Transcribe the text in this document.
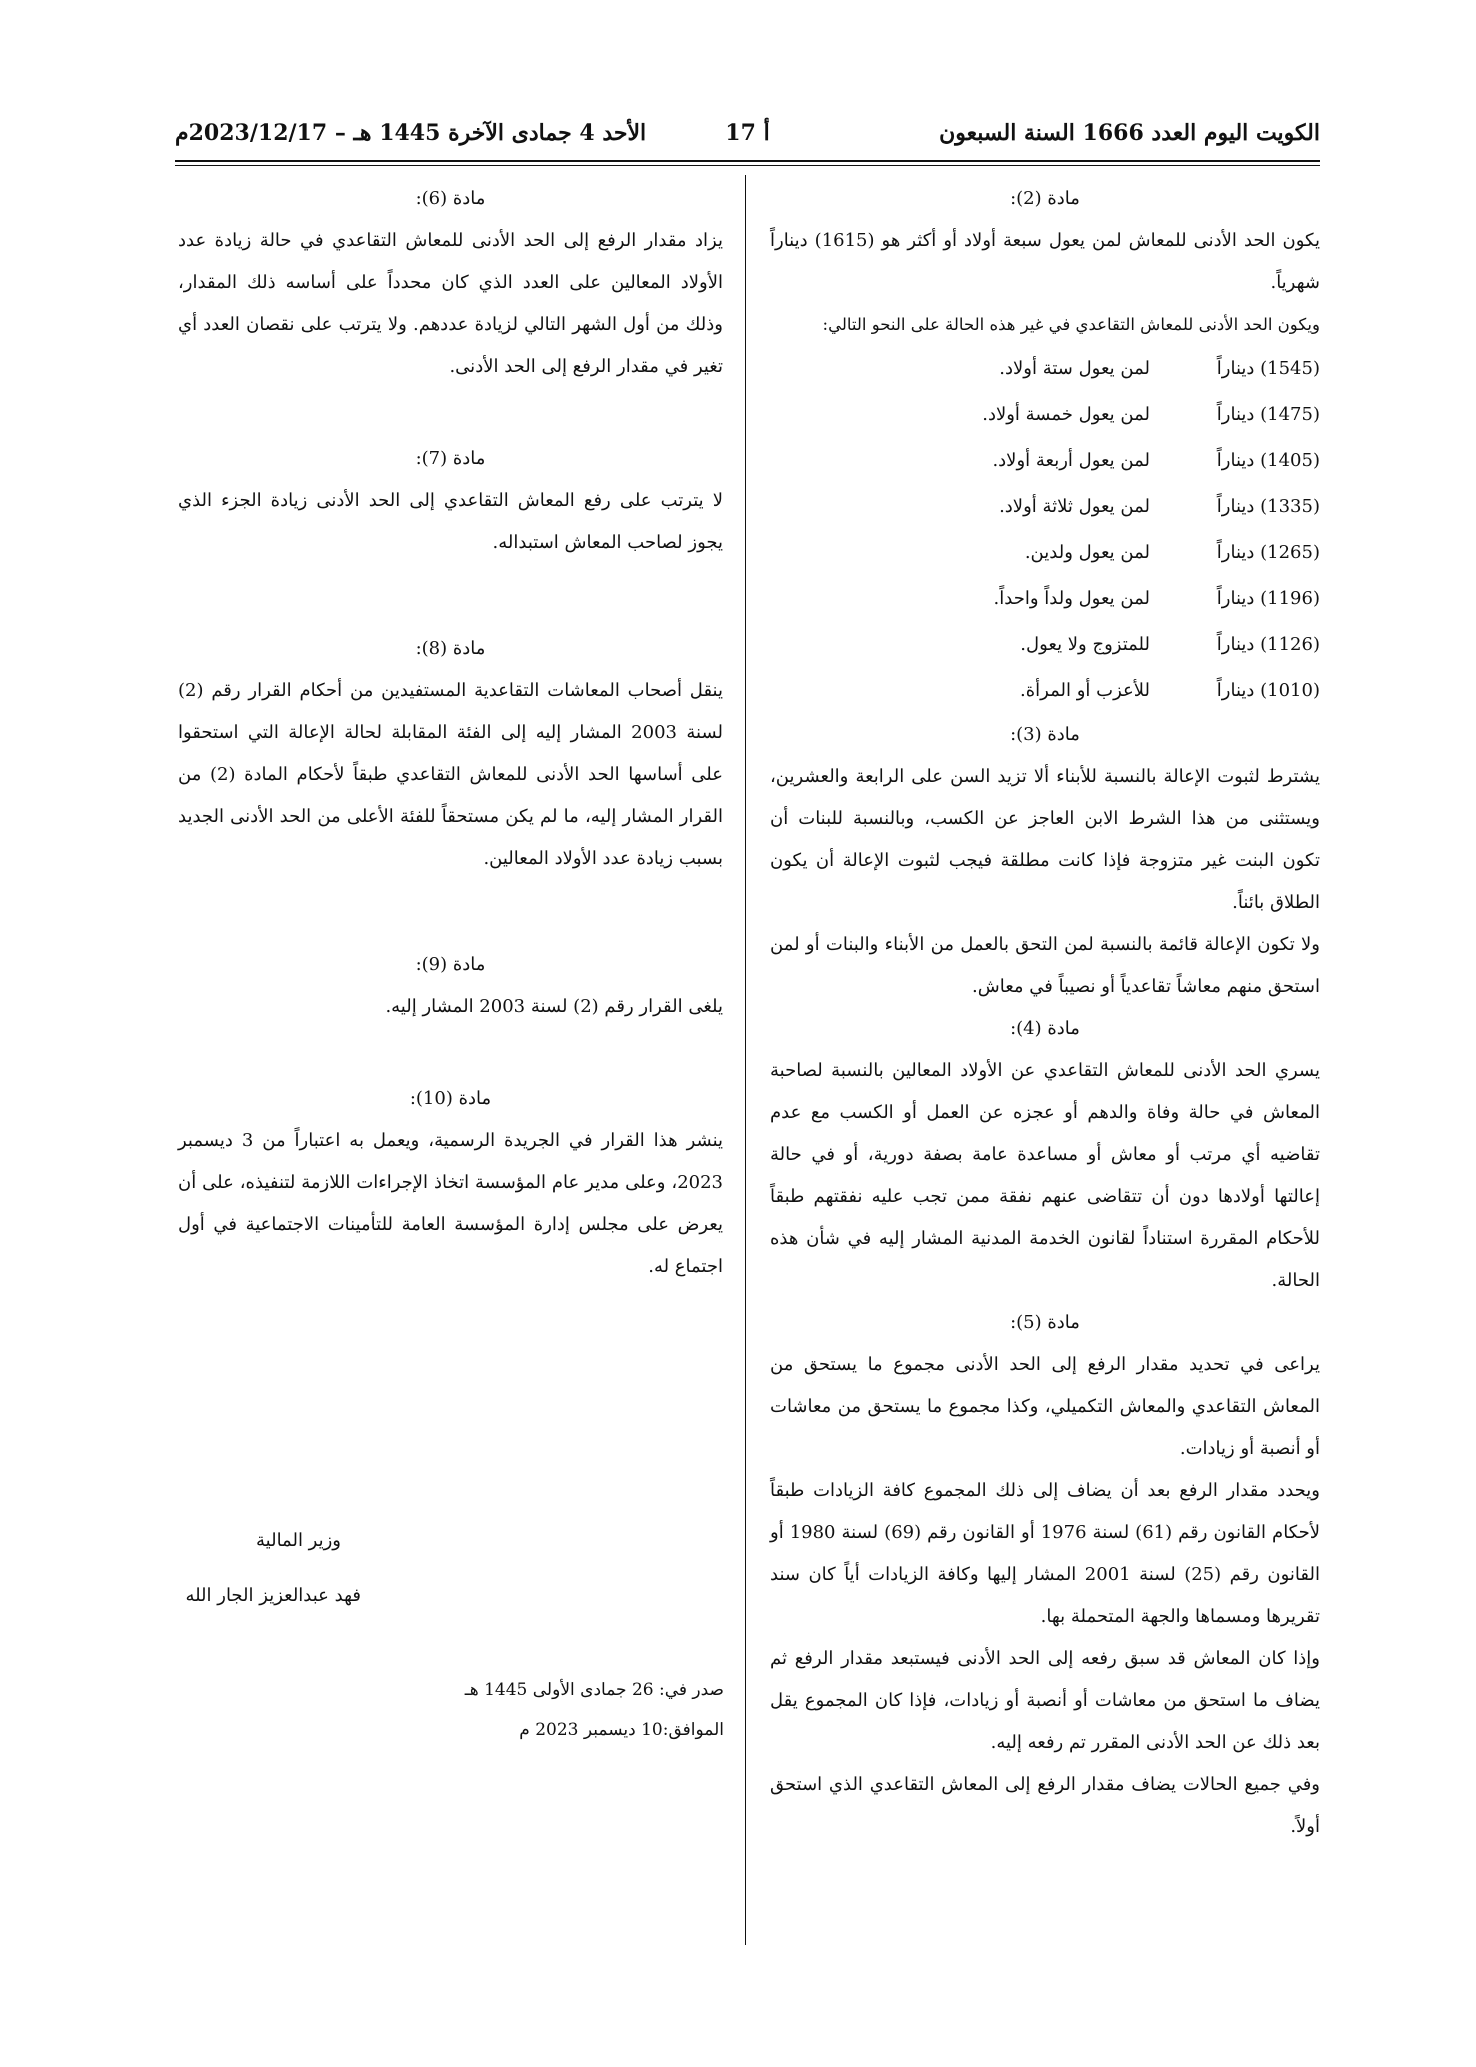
الكويت اليوم العدد 1666 السنة السبعون
أ 17
الأحد 4 جمادى الآخرة 1445 هـ – 2023/12/17م

مادة (2):

يكون الحد الأدنى للمعاش لمن يعول سبعة أولاد أو أكثر هو (1615) ديناراً شهرياً.

ويكون الحد الأدنى للمعاش التقاعدي في غير هذه الحالة على النحو التالي:

(1545) ديناراً
لمن يعول ستة أولاد.
(1475) ديناراً
لمن يعول خمسة أولاد.
(1405) ديناراً
لمن يعول أربعة أولاد.
(1335) ديناراً
لمن يعول ثلاثة أولاد.
(1265) ديناراً
لمن يعول ولدين.
(1196) ديناراً
لمن يعول ولداً واحداً.
(1126) ديناراً
للمتزوج ولا يعول.
(1010) ديناراً
للأعزب أو المرأة.

مادة (3):

يشترط لثبوت الإعالة بالنسبة للأبناء ألا تزيد السن على الرابعة والعشرين، ويستثنى من هذا الشرط الابن العاجز عن الكسب، وبالنسبة للبنات أن تكون البنت غير متزوجة فإذا كانت مطلقة فيجب لثبوت الإعالة أن يكون الطلاق بائناً.

ولا تكون الإعالة قائمة بالنسبة لمن التحق بالعمل من الأبناء والبنات أو لمن استحق منهم معاشاً تقاعدياً أو نصيباً في معاش.

مادة (4):

يسري الحد الأدنى للمعاش التقاعدي عن الأولاد المعالين بالنسبة لصاحبة المعاش في حالة وفاة والدهم أو عجزه عن العمل أو الكسب مع عدم تقاضيه أي مرتب أو معاش أو مساعدة عامة بصفة دورية، أو في حالة إعالتها أولادها دون أن تتقاضى عنهم نفقة ممن تجب عليه نفقتهم طبقاً للأحكام المقررة استناداً لقانون الخدمة المدنية المشار إليه في شأن هذه الحالة.

مادة (5):

يراعى في تحديد مقدار الرفع إلى الحد الأدنى مجموع ما يستحق من المعاش التقاعدي والمعاش التكميلي، وكذا مجموع ما يستحق من معاشات أو أنصبة أو زيادات.

ويحدد مقدار الرفع بعد أن يضاف إلى ذلك المجموع كافة الزيادات طبقاً لأحكام القانون رقم (61) لسنة 1976 أو القانون رقم (69) لسنة 1980 أو القانون رقم (25) لسنة 2001 المشار إليها وكافة الزيادات أياً كان سند تقريرها ومسماها والجهة المتحملة بها.

وإذا كان المعاش قد سبق رفعه إلى الحد الأدنى فيستبعد مقدار الرفع ثم يضاف ما استحق من معاشات أو أنصبة أو زيادات، فإذا كان المجموع يقل بعد ذلك عن الحد الأدنى المقرر تم رفعه إليه.

وفي جميع الحالات يضاف مقدار الرفع إلى المعاش التقاعدي الذي استحق أولاً.

مادة (6):

يزاد مقدار الرفع إلى الحد الأدنى للمعاش التقاعدي في حالة زيادة عدد الأولاد المعالين على العدد الذي كان محدداً على أساسه ذلك المقدار، وذلك من أول الشهر التالي لزيادة عددهم. ولا يترتب على نقصان العدد أي تغير في مقدار الرفع إلى الحد الأدنى.

مادة (7):

لا يترتب على رفع المعاش التقاعدي إلى الحد الأدنى زيادة الجزء الذي يجوز لصاحب المعاش استبداله.

مادة (8):

ينقل أصحاب المعاشات التقاعدية المستفيدين من أحكام القرار رقم (2) لسنة 2003 المشار إليه إلى الفئة المقابلة لحالة الإعالة التي استحقوا على أساسها الحد الأدنى للمعاش التقاعدي طبقاً لأحكام المادة (2) من القرار المشار إليه، ما لم يكن مستحقاً للفئة الأعلى من الحد الأدنى الجديد بسبب زيادة عدد الأولاد المعالين.

مادة (9):

يلغى القرار رقم (2) لسنة 2003 المشار إليه.

مادة (10):

ينشر هذا القرار في الجريدة الرسمية، ويعمل به اعتباراً من 3 ديسمبر 2023، وعلى مدير عام المؤسسة اتخاذ الإجراءات اللازمة لتنفيذه، على أن يعرض على مجلس إدارة المؤسسة العامة للتأمينات الاجتماعية في أول اجتماع له.

وزير المالية
فهد عبدالعزيز الجار الله
صدر في: 26 جمادى الأولى 1445 هـ
الموافق:10 ديسمبر 2023 م
